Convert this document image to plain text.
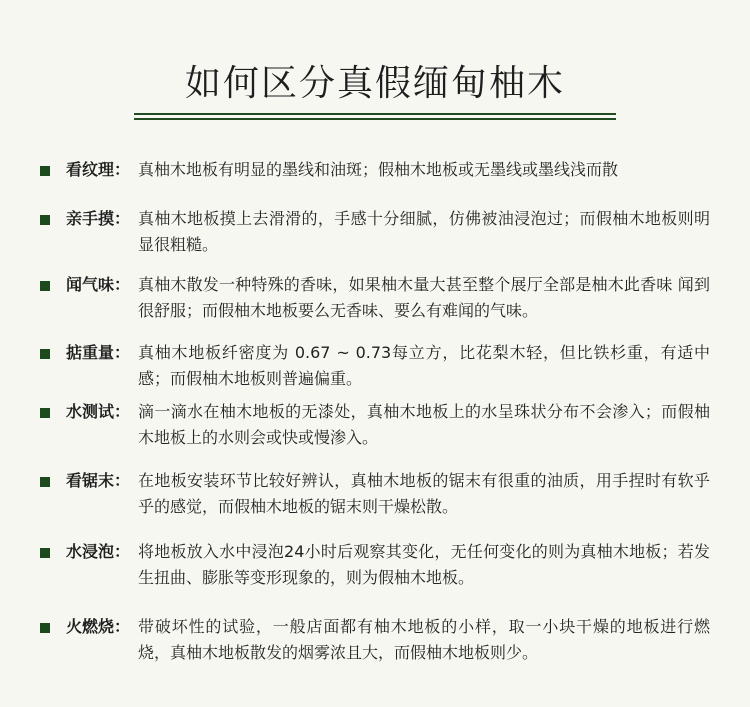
如何区分真假缅甸柚木
看纹理： 真柚木地板有明显的墨线和油斑；假柚木地板或无墨线或墨线浅而散
亲手摸： 真柚木地板摸上去滑滑的，手感十分细腻，仿佛被油浸泡过；而假柚木地板则明显很粗糙。
闻气味： 真柚木散发一种特殊的香味，如果柚木量大甚至整个展厅全部是柚木此香味 闻到很舒服；而假柚木地板要么无香味、要么有难闻的气味。
掂重量： 真柚木地板纤密度为 0.67 ~ 0.73每立方，比花梨木轻，但比铁杉重，有适中感；而假柚木地板则普遍偏重。
水测试： 滴一滴水在柚木地板的无漆处，真柚木地板上的水呈珠状分布不会渗入；而假柚木地板上的水则会或快或慢渗入。
看锯末： 在地板安装环节比较好辨认，真柚木地板的锯末有很重的油质，用手捏时有软乎乎的感觉，而假柚木地板的锯末则干燥松散。
水浸泡： 将地板放入水中浸泡24小时后观察其变化，无任何变化的则为真柚木地板；若发生扭曲、膨胀等变形现象的，则为假柚木地板。
火燃烧： 带破坏性的试验，一般店面都有柚木地板的小样，取一小块干燥的地板进行燃烧，真柚木地板散发的烟雾浓且大，而假柚木地板则少。
